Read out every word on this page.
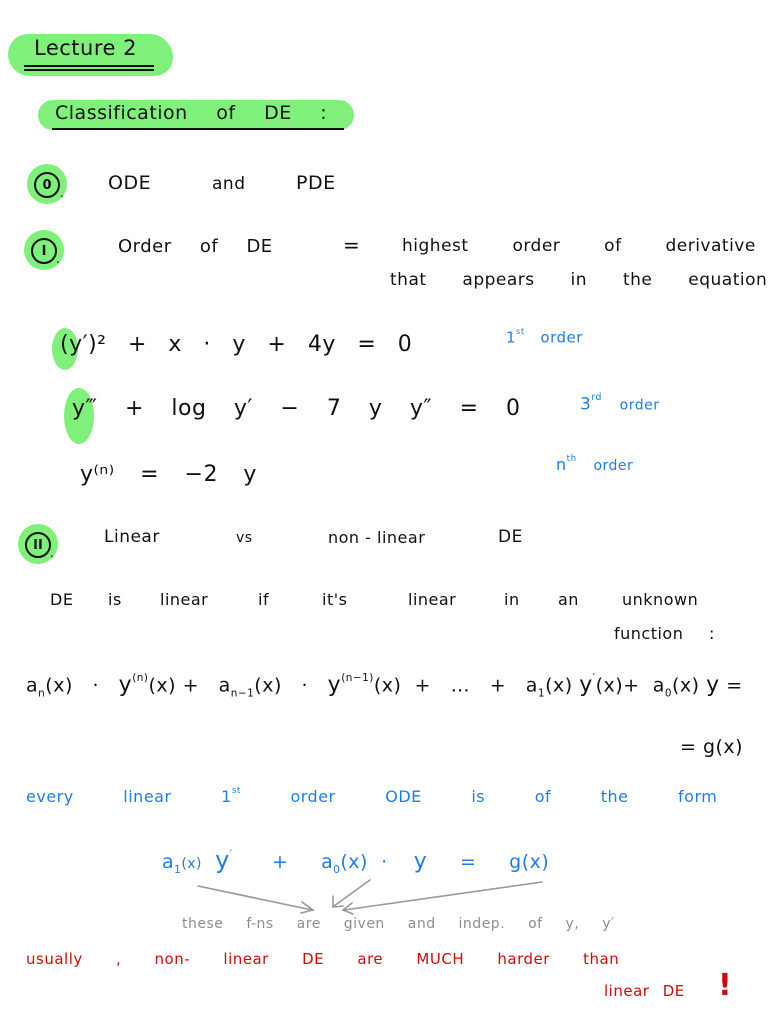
Lecture 2
Classification of DE :
0
. ODE	and	PDE
I
.
Order of DE	= highest order of derivative
that appears in the equation
(y′)² + x · y + 4y = 0	1st order
y‴ + log y′ − 7 y y″ = 0	3rd order
y⁽ⁿ⁾ = −2 y	$n^{th}$ order
II
.
Linear	vs	non - linear	DE
DE	is	linear	if	it's	linear	in	an	unknown
function :
$a_n(x) \cdot y^{(n)}(x) + a_{n-1}(x) \cdot y^{(n-1)}(x)$ + … + $a_1(x)$ $y'(x)+ a_0(x) y$ =
= g(x)
every linear	1st	order ODE is of the form
$a_1(x) y' + a_0(x) \cdot y = g(x)$
these f-ns are given and indep. of y, y′
usually , non- linear DE are MUCH harder than
linear DE !
